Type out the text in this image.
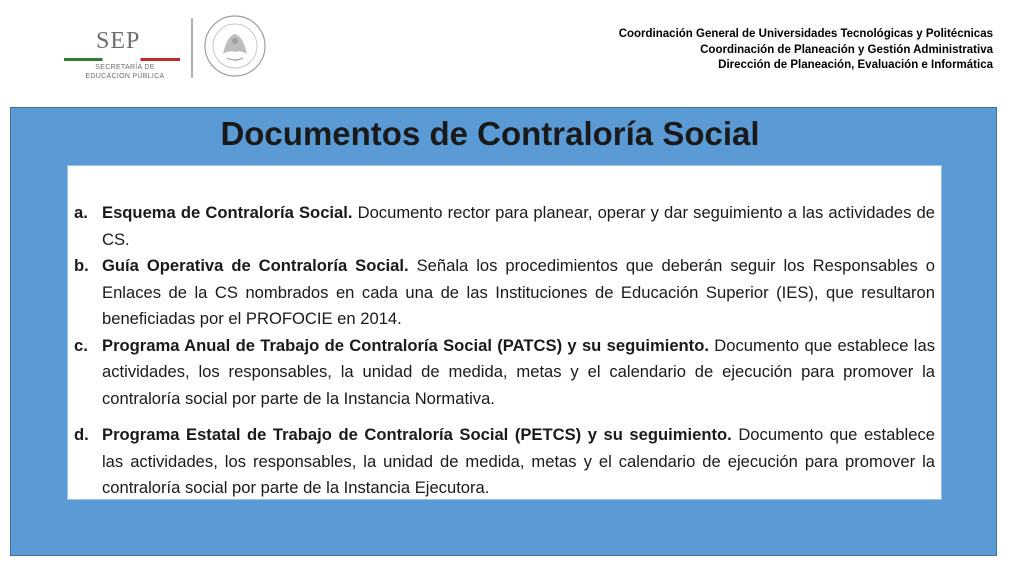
SEP
SECRETARÍA DE
EDUCACIÓN PÚBLICA
Coordinación General de Universidades Tecnológicas y Politécnicas
Coordinación de Planeación y Gestión Administrativa
Dirección de Planeación, Evaluación e Informática
Documentos de Contraloría Social
a. Esquema de Contraloría Social. Documento rector para planear, operar y dar seguimiento a las actividades de CS.
b. Guía Operativa de Contraloría Social. Señala los procedimientos que deberán seguir los Responsables o Enlaces de la CS nombrados en cada una de las Instituciones de Educación Superior (IES), que resultaron beneficiadas por el PROFOCIE en 2014.
c. Programa Anual de Trabajo de Contraloría Social (PATCS) y su seguimiento. Documento que establece las actividades, los responsables, la unidad de medida, metas y el calendario de ejecución para promover la contraloría social por parte de la Instancia Normativa.
d. Programa Estatal de Trabajo de Contraloría Social (PETCS) y su seguimiento. Documento que establece las actividades, los responsables, la unidad de medida, metas y el calendario de ejecución para promover la contraloría social por parte de la Instancia Ejecutora.
